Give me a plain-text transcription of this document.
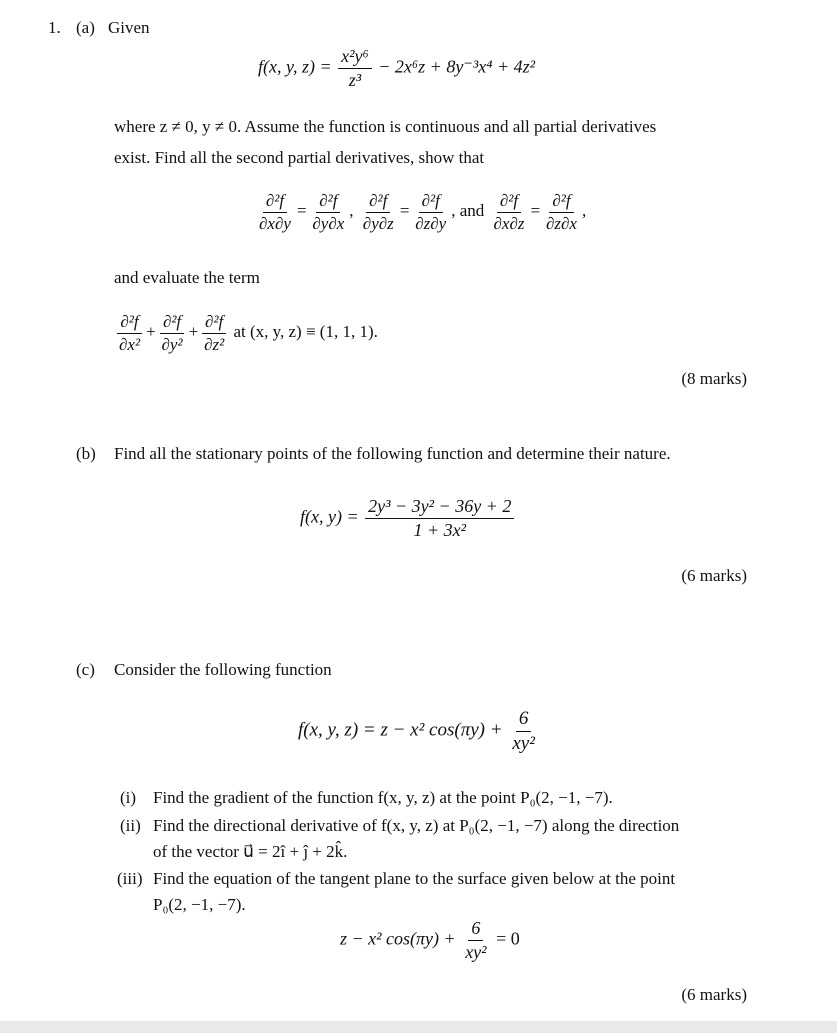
1. (a) Given
f(x, y, $z) = \frac{\text{x²y⁶}}{\text{z³}} - 2x^6z + 8y^{-3}x^4 + 4z^2$
where z ≠ 0, y ≠ 0. Assume the function is continuous and all partial derivatives
exist. Find all the second partial derivatives, show that
$\frac{\text{∂²f}}{\partial x\partial y} = \frac{\text{∂²f}}{\partial y\partial x}$ , $\frac{\text{∂²f}}{\partial y\partial z} = \frac{\text{∂²f}}{\partial z\partial y}$ , and $\frac{\text{∂²f}}{\partial x\partial z} = \frac{\text{∂²f}}{\partial z\partial x}$ ,
and evaluate the term
$\frac{\text{∂²f}}{\text{∂x²}} + \frac{\text{∂²f}}{\text{∂y²}} + \frac{\text{∂²f}}{\text{∂z²}}$ at (x, y, z) ≡ (1, 1, 1).
(8 marks)
(b) Find all the stationary points of the following function and determine their nature.
f(x, $y) = \frac{\text{2y³ − 3y² − 36y + 2}}{\text{1 + 3x²}}$
(6 marks)
(c) Consider the following function
f(x, y, z) = z − x² $\cos(\pi y) + \frac{6}{\text{xy²}}$
(i) Find the gradient of the function f(x, y, z) at the point P₀(2, −1, −7).
(ii) Find the directional derivative of f(x, y, z) at P₀(2, −1, −7) along the direction
of the vector u⃗ = 2î + ĵ + 2k̂.
(iii) Find the equation of the tangent plane to the surface given below at the point
P₀(2, −1, −7).
z − x² $\cos(\pi y) + \frac{6}{\text{xy²}} = 0$
(6 marks)
